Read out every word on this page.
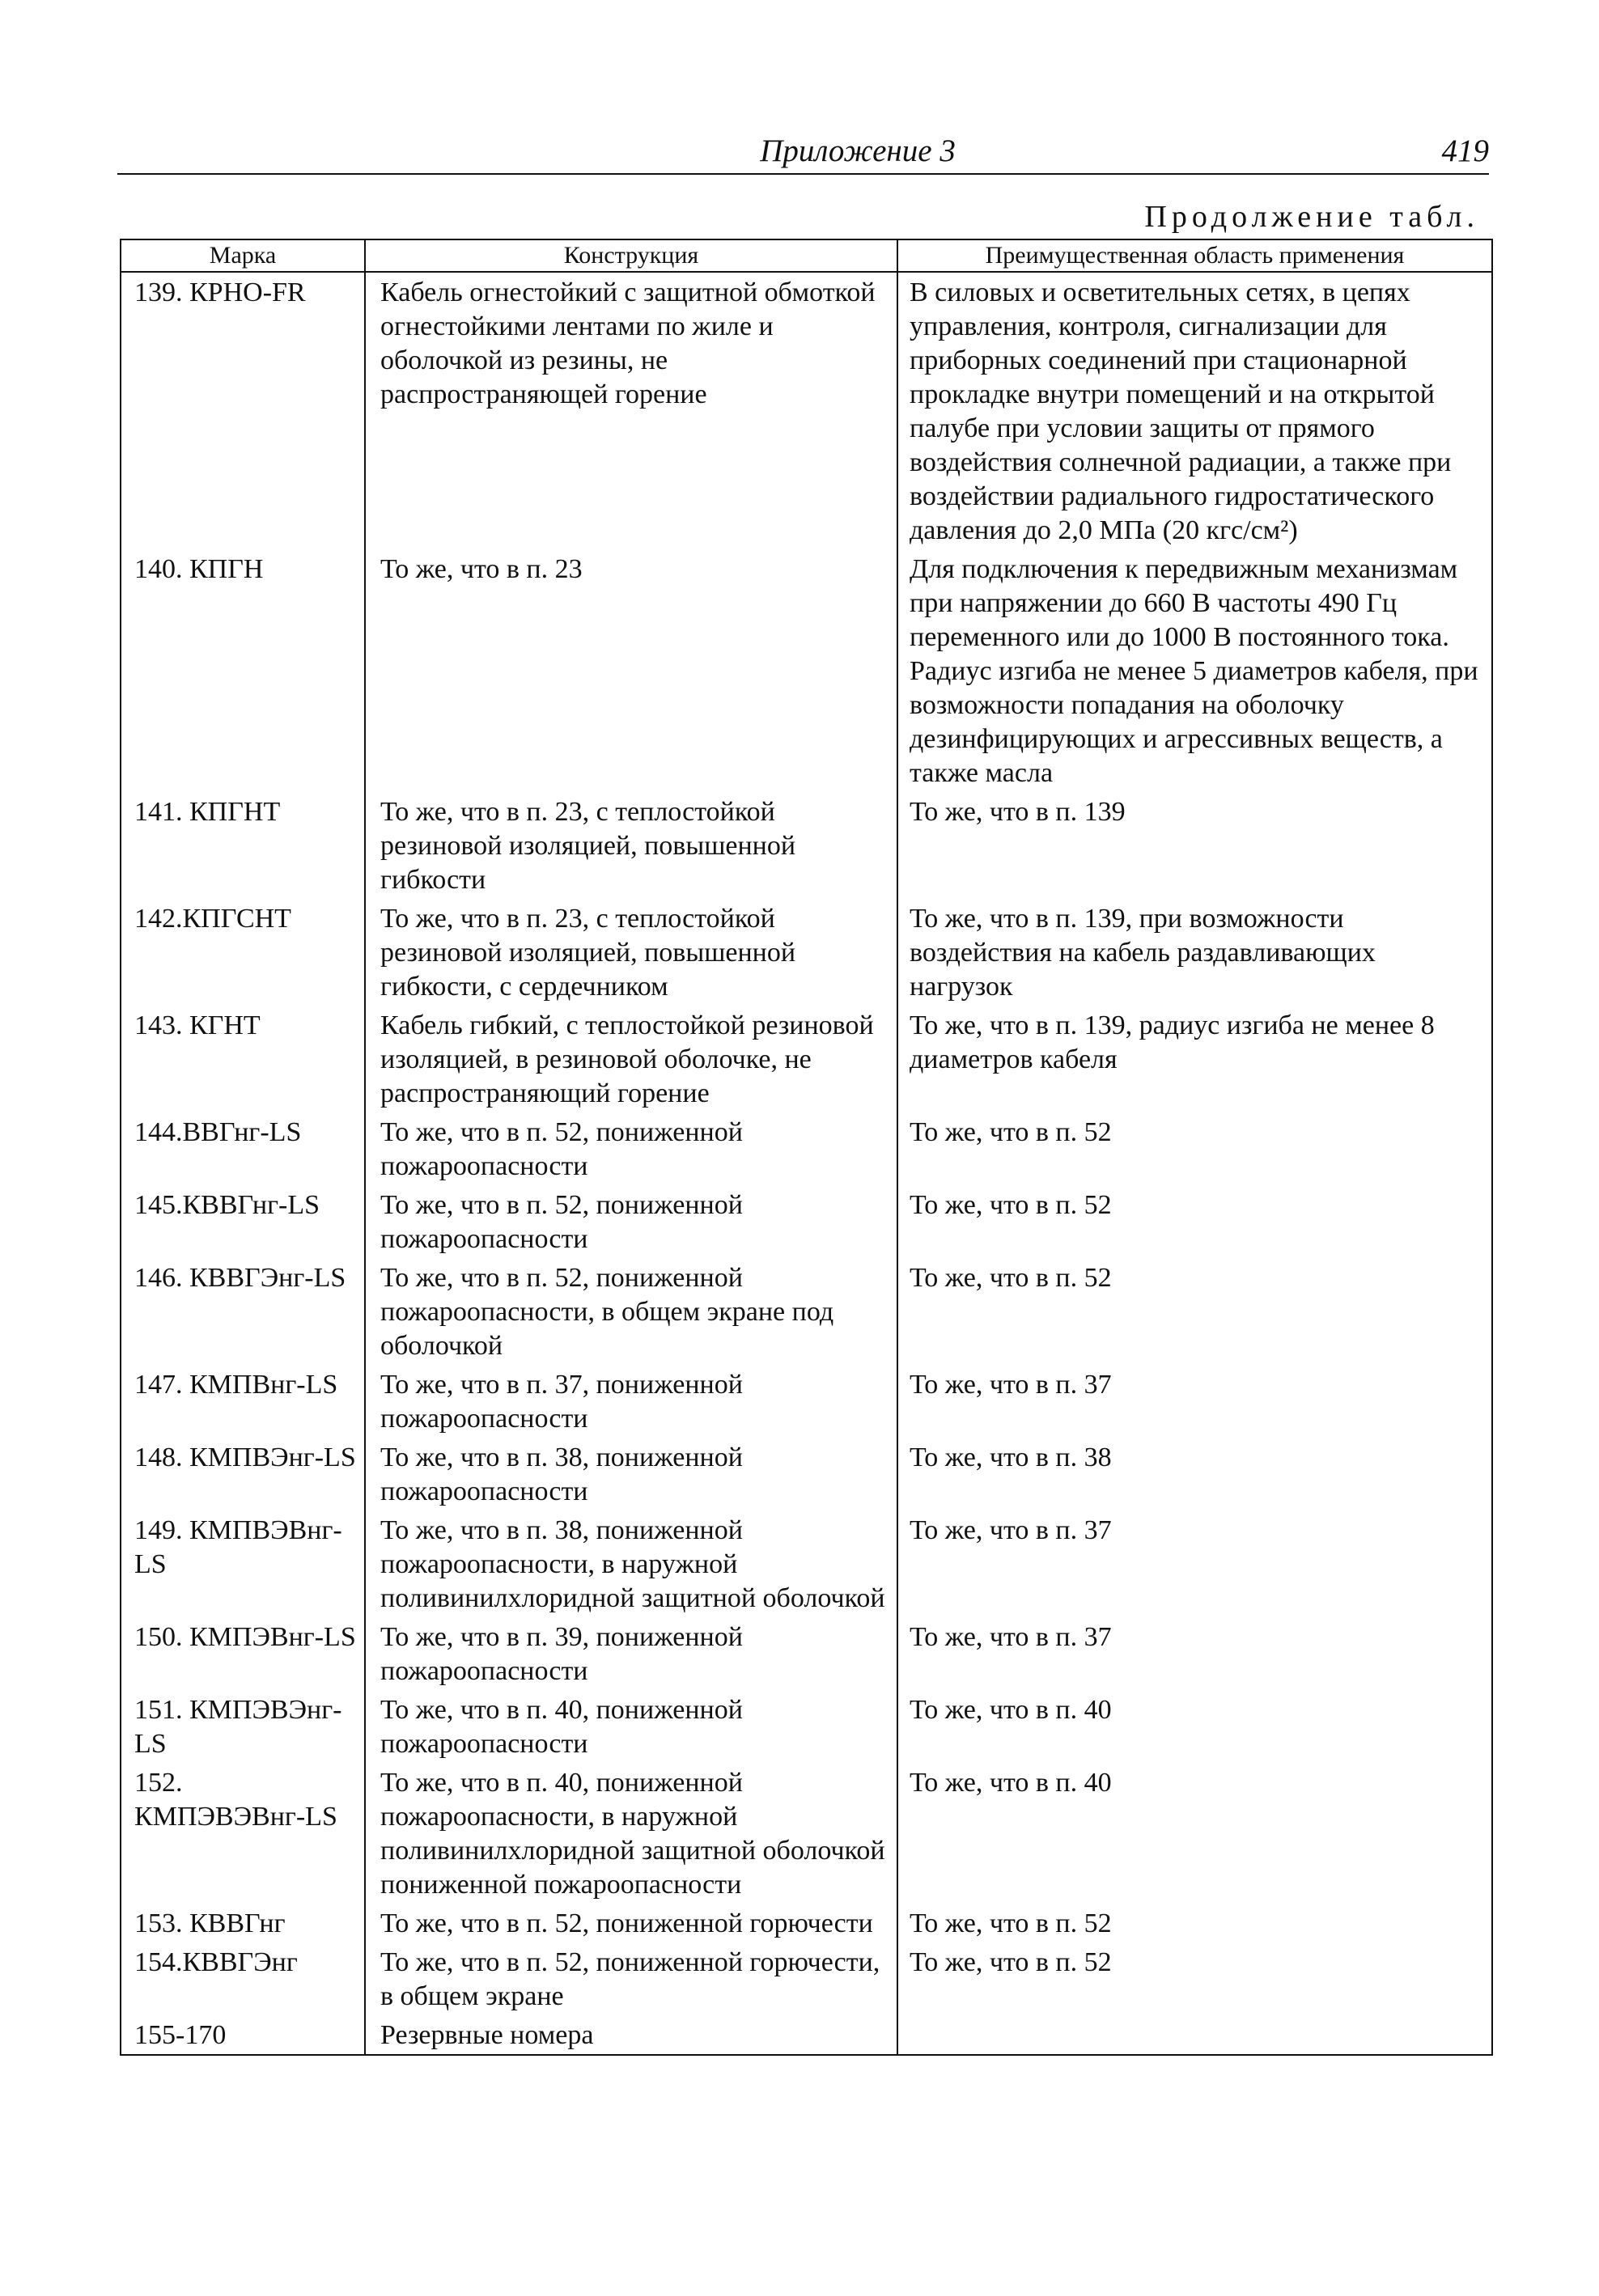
Приложение 3	419
Продолжение табл.
Марка	Конструкция	Преимущественная область применения
139. КРНО-FR	Кабель огнестойкий с защитной обмоткой огнестойкими лентами по жиле и оболочкой из резины, не распространяющей горение	В силовых и осветительных сетях, в цепях управления, контроля, сигнализации для приборных соединений при стационарной прокладке внутри помещений и на открытой палубе при условии защиты от прямого воздействия солнечной радиации, а также при воздействии радиального гидростатического давления до 2,0 МПа (20 кгс/см²)
140. КПГН	То же, что в п. 23	Для подключения к передвижным механизмам при напряжении до 660 В частоты 490 Гц переменного или до 1000 В постоянного тока. Радиус изгиба не менее 5 диаметров кабеля, при возможности попадания на оболочку дезинфицирующих и агрессивных веществ, а также масла
141. КПГНТ	То же, что в п. 23, с теплостойкой резиновой изоляцией, повышенной гибкости	То же, что в п. 139
142.КПГСНТ	То же, что в п. 23, с теплостойкой резиновой изоляцией, повышенной гибкости, с сердечником	То же, что в п. 139, при возможности воздействия на кабель раздавливающих нагрузок
143. КГНТ	Кабель гибкий, с теплостойкой резиновой изоляцией, в резиновой оболочке, не распространяющий горение	То же, что в п. 139, радиус изгиба не менее 8 диаметров кабеля
144.ВВГнг-LS	То же, что в п. 52, пониженной пожароопасности	То же, что в п. 52
145.КВВГнг-LS	То же, что в п. 52, пониженной пожароопасности	То же, что в п. 52
146. КВВГЭнг-LS	То же, что в п. 52, пониженной пожароопасности, в общем экране под оболочкой	То же, что в п. 52
147. КМПВнг-LS	То же, что в п. 37, пониженной пожароопасности	То же, что в п. 37
148. КМПВЭнг-LS	То же, что в п. 38, пониженной пожароопасности	То же, что в п. 38
149. КМПВЭВнг-LS	То же, что в п. 38, пониженной пожароопасности, в наружной поливинилхлоридной защитной оболочкой	То же, что в п. 37
150. КМПЭВнг-LS	То же, что в п. 39, пониженной пожароопасности	То же, что в п. 37
151. КМПЭВЭнг-LS	То же, что в п. 40, пониженной пожароопасности	То же, что в п. 40
152. КМПЭВЭВнг-LS	То же, что в п. 40, пониженной пожароопасности, в наружной поливинилхлоридной защитной оболочкой пониженной пожароопасности	То же, что в п. 40
153. КВВГнг	То же, что в п. 52, пониженной горючести	То же, что в п. 52
154.КВВГЭнг	То же, что в п. 52, пониженной горючести, в общем экране	То же, что в п. 52
155-170	Резервные номера	
